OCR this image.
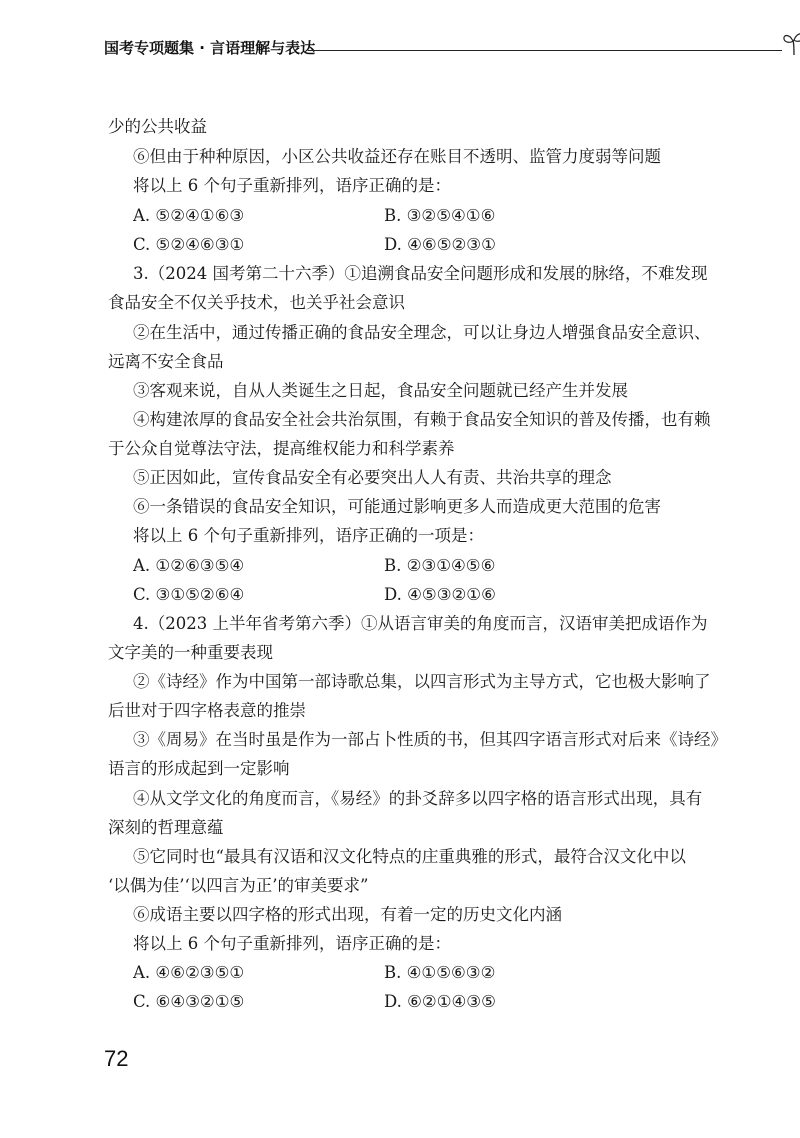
国考专项题集 · 言语理解与表达
少的公共收益
⑥但由于种种原因，小区公共收益还存在账目不透明、监管力度弱等问题
将以上 6 个句子重新排列，语序正确的是：
A. ⑤②④①⑥③	B. ③②⑤④①⑥
C. ⑤②④⑥③①	D. ④⑥⑤②③①
3.（2024 国考第二十六季）①追溯食品安全问题形成和发展的脉络，不难发现
食品安全不仅关乎技术，也关乎社会意识
②在生活中，通过传播正确的食品安全理念，可以让身边人增强食品安全意识、
远离不安全食品
③客观来说，自从人类诞生之日起，食品安全问题就已经产生并发展
④构建浓厚的食品安全社会共治氛围，有赖于食品安全知识的普及传播，也有赖
于公众自觉尊法守法，提高维权能力和科学素养
⑤正因如此，宣传食品安全有必要突出人人有责、共治共享的理念
⑥一条错误的食品安全知识，可能通过影响更多人而造成更大范围的危害
将以上 6 个句子重新排列，语序正确的一项是：
A. ①②⑥③⑤④	B. ②③①④⑤⑥
C. ③①⑤②⑥④	D. ④⑤③②①⑥
4.（2023 上半年省考第六季）①从语言审美的角度而言，汉语审美把成语作为
文字美的一种重要表现
②《诗经》作为中国第一部诗歌总集，以四言形式为主导方式，它也极大影响了
后世对于四字格表意的推崇
③《周易》在当时虽是作为一部占卜性质的书，但其四字语言形式对后来《诗经》
语言的形成起到一定影响
④从文学文化的角度而言，《易经》的卦爻辞多以四字格的语言形式出现，具有
深刻的哲理意蕴
⑤它同时也“最具有汉语和汉文化特点的庄重典雅的形式，最符合汉文化中以
‘以偶为佳’‘以四言为正’的审美要求”
⑥成语主要以四字格的形式出现，有着一定的历史文化内涵
将以上 6 个句子重新排列，语序正确的是：
A. ④⑥②③⑤①	B. ④①⑤⑥③②
C. ⑥④③②①⑤	D. ⑥②①④③⑤
72
